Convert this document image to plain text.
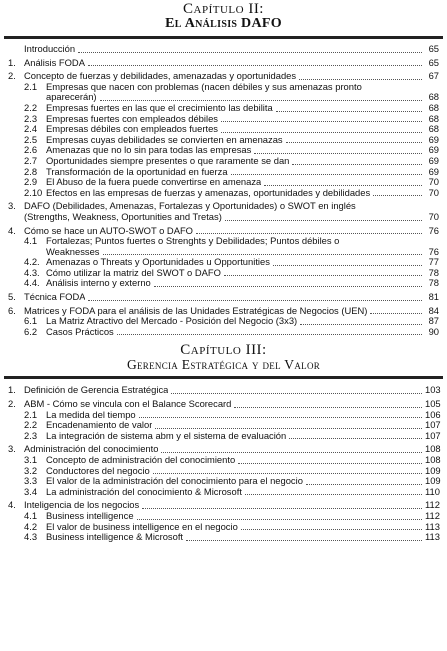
Capítulo II:

El Análisis DAFO

Introducción	65
1. Análisis FODA	65
2. Concepto de fuerzas y debilidades, amenazadas y oportunidades	67
2.1 Empresas que nacen con problemas (nacen débiles y sus amenazas pronto
aparecerán)	68
2.2 Empresas fuertes en las que el crecimiento las debilita	68
2.3 Empresas fuertes con empleados débiles	68
2.4 Empresas débiles con empleados fuertes	68
2.5 Empresas cuyas debilidades se convierten en amenazas	69
2.6 Amenazas que no lo sin para todas las empresas	69
2.7 Oportunidades siempre presentes o que raramente se dan	69
2.8 Transformación de la oportunidad en fuerza	69
2.9 El Abuso de la fuera puede convertirse en amenaza	70
2.10 Efectos en las empresas de fuerzas y amenazas, oportunidades y debilidades	70
3. DAFO (Debilidades, Amenazas, Fortalezas y Oportunidades) o SWOT en inglés
(Strengths, Weakness, Oportunities and Tretas)	70
4. Cómo se hace un AUTO-SWOT o DAFO	76
4.1 Fortalezas; Puntos fuertes o Strenghts y Debilidades; Puntos débiles o
Weaknesses	76
4.2. Amenazas o Threats y Oportunidades u Opportunities	77
4.3. Cómo utilizar la matriz del SWOT o DAFO	78
4.4. Análisis interno y externo	78
5. Técnica FODA	81
6. Matrices y FODA para el análisis de las Unidades Estratégicas de Negocios (UEN)	84
6.1 La Matriz Atractivo del Mercado - Posición del Negocio (3x3)	87
6.2 Casos Prácticos	90

Capítulo III:

Gerencia Estratégica y del Valor

1. Definición de Gerencia Estratégica	103
2. ABM - Cómo se vincula con el Balance Scorecard	105
2.1 La medida del tiempo	106
2.2 Encadenamiento de valor	107
2.3 La integración de sistema abm y el sistema de evaluación	107
3. Administración del conocimiento	108
3.1 Concepto de administración del conocimiento	108
3.2 Conductores del negocio	109
3.3 El valor de la administración del conocimiento para el negocio	109
3.4 La administración del conocimiento & Microsoft	110
4. Inteligencia de los negocios	112
4.1 Business intelligence	112
4.2 El valor de business intelligence en el negocio	113
4.3 Business intelligence & Microsoft	113
